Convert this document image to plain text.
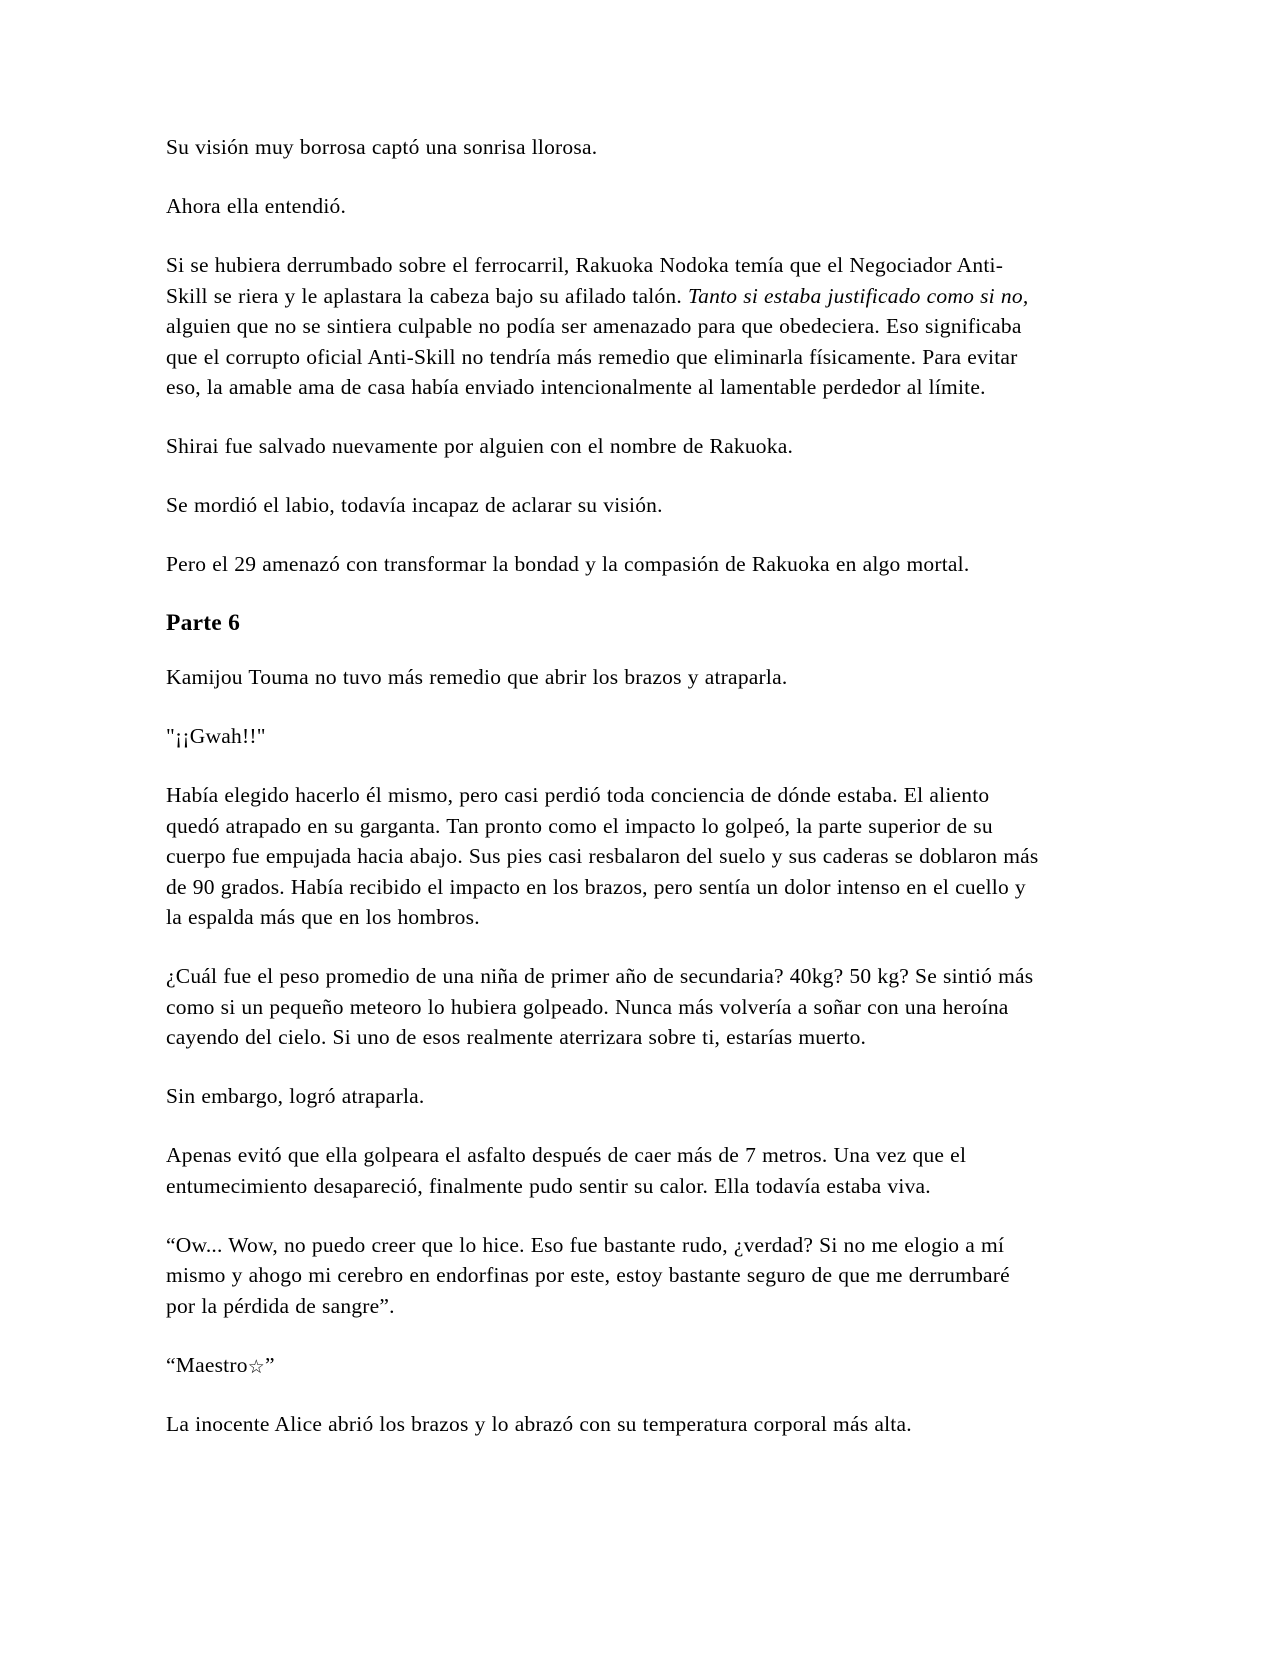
Su visión muy borrosa captó una sonrisa llorosa.

Ahora ella entendió.

Si se hubiera derrumbado sobre el ferrocarril, Rakuoka Nodoka temía que el Negociador Anti-Skill se riera y le aplastara la cabeza bajo su afilado talón. Tanto si estaba justificado como si no, alguien que no se sintiera culpable no podía ser amenazado para que obedeciera. Eso significaba que el corrupto oficial Anti-Skill no tendría más remedio que eliminarla físicamente. Para evitar eso, la amable ama de casa había enviado intencionalmente al lamentable perdedor al límite.

Shirai fue salvado nuevamente por alguien con el nombre de Rakuoka.

Se mordió el labio, todavía incapaz de aclarar su visión.

Pero el 29 amenazó con transformar la bondad y la compasión de Rakuoka en algo mortal.

Parte 6

Kamijou Touma no tuvo más remedio que abrir los brazos y atraparla.

"¡¡Gwah!!"

Había elegido hacerlo él mismo, pero casi perdió toda conciencia de dónde estaba. El aliento quedó atrapado en su garganta. Tan pronto como el impacto lo golpeó, la parte superior de su cuerpo fue empujada hacia abajo. Sus pies casi resbalaron del suelo y sus caderas se doblaron más de 90 grados. Había recibido el impacto en los brazos, pero sentía un dolor intenso en el cuello y la espalda más que en los hombros.

¿Cuál fue el peso promedio de una niña de primer año de secundaria? 40kg? 50 kg? Se sintió más como si un pequeño meteoro lo hubiera golpeado. Nunca más volvería a soñar con una heroína cayendo del cielo. Si uno de esos realmente aterrizara sobre ti, estarías muerto.

Sin embargo, logró atraparla.

Apenas evitó que ella golpeara el asfalto después de caer más de 7 metros. Una vez que el entumecimiento desapareció, finalmente pudo sentir su calor. Ella todavía estaba viva.

“Ow... Wow, no puedo creer que lo hice. Eso fue bastante rudo, ¿verdad? Si no me elogio a mí mismo y ahogo mi cerebro en endorfinas por este, estoy bastante seguro de que me derrumbaré por la pérdida de sangre”.

“Maestro☆”

La inocente Alice abrió los brazos y lo abrazó con su temperatura corporal más alta.
